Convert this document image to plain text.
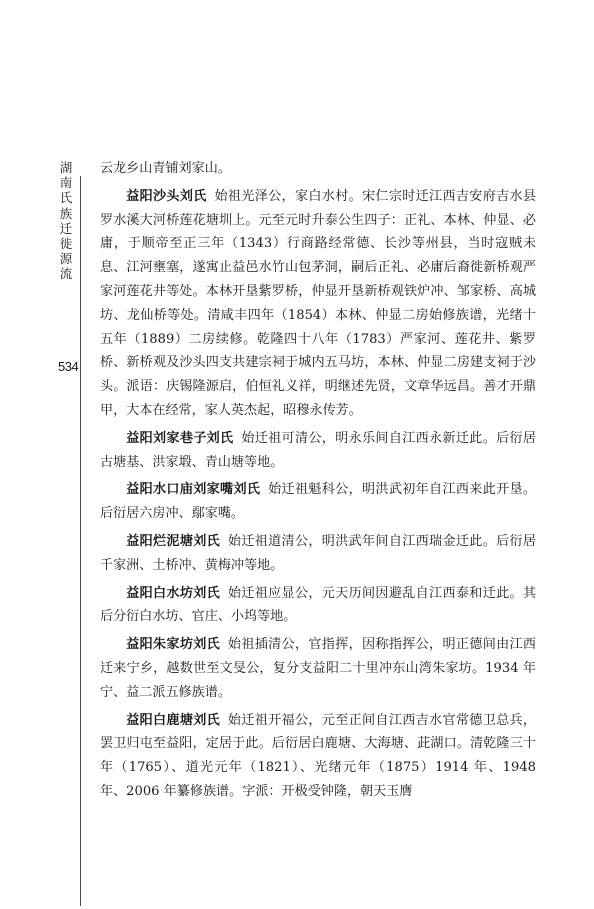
湖南氏族迁徙源流
534

云龙乡山青铺刘家山。

益阳沙头刘氏 始祖光泽公，家白水村。宋仁宗时迁江西吉安府吉水县罗水溪大河桥莲花塘圳上。元至元时升泰公生四子：正礼、本林、仲显、必庸，于顺帝至正三年（1343）行商路经常德、长沙等州县，当时寇贼未息、江河壅塞，遂寓止益邑水竹山包茅洞，嗣后正礼、必庸后裔徙新桥观严家河莲花井等处。本林开垦紫罗桥，仲显开垦新桥观铁炉冲、邹家桥、高城坊、龙仙桥等处。清咸丰四年（1854）本林、仲显二房始修族谱，光绪十五年（1889）二房续修。乾隆四十八年（1783）严家河、莲花井、紫罗桥、新桥观及沙头四支共建宗祠于城内五马坊，本林、仲显二房建支祠于沙头。派语：庆锡隆源启，伯恒礼义祥，明继述先贤，文章华远昌。善才开鼎甲，大本在经常，家人英杰起，昭穆永传芳。

益阳刘家巷子刘氏 始迁祖可清公，明永乐间自江西永新迁此。后衍居古塘基、洪家塅、青山塘等地。

益阳水口庙刘家嘴刘氏 始迁祖魁科公，明洪武初年自江西来此开垦。后衍居六房冲、鄢家嘴。

益阳烂泥塘刘氏 始迁祖道清公，明洪武年间自江西瑞金迁此。后衍居千家洲、土桥冲、黄梅冲等地。

益阳白水坊刘氏 始迁祖应显公，元天历间因避乱自江西泰和迁此。其后分衍白水坊、官庄、小坞等地。

益阳朱家坊刘氏 始祖插清公，官指挥，因称指挥公，明正德间由江西迁来宁乡，越数世至文旻公，复分支益阳二十里冲东山湾朱家坊。1934 年宁、益二派五修族谱。

益阳白鹿塘刘氏 始迁祖开福公，元至正间自江西吉水官常德卫总兵，罢卫归屯至益阳，定居于此。后衍居白鹿塘、大海塘、茈湖口。清乾隆三十年（1765）、道光元年（1821）、光绪元年（1875）1914 年、1948 年、2006 年纂修族谱。字派：开极受钟隆，朝天玉膺
